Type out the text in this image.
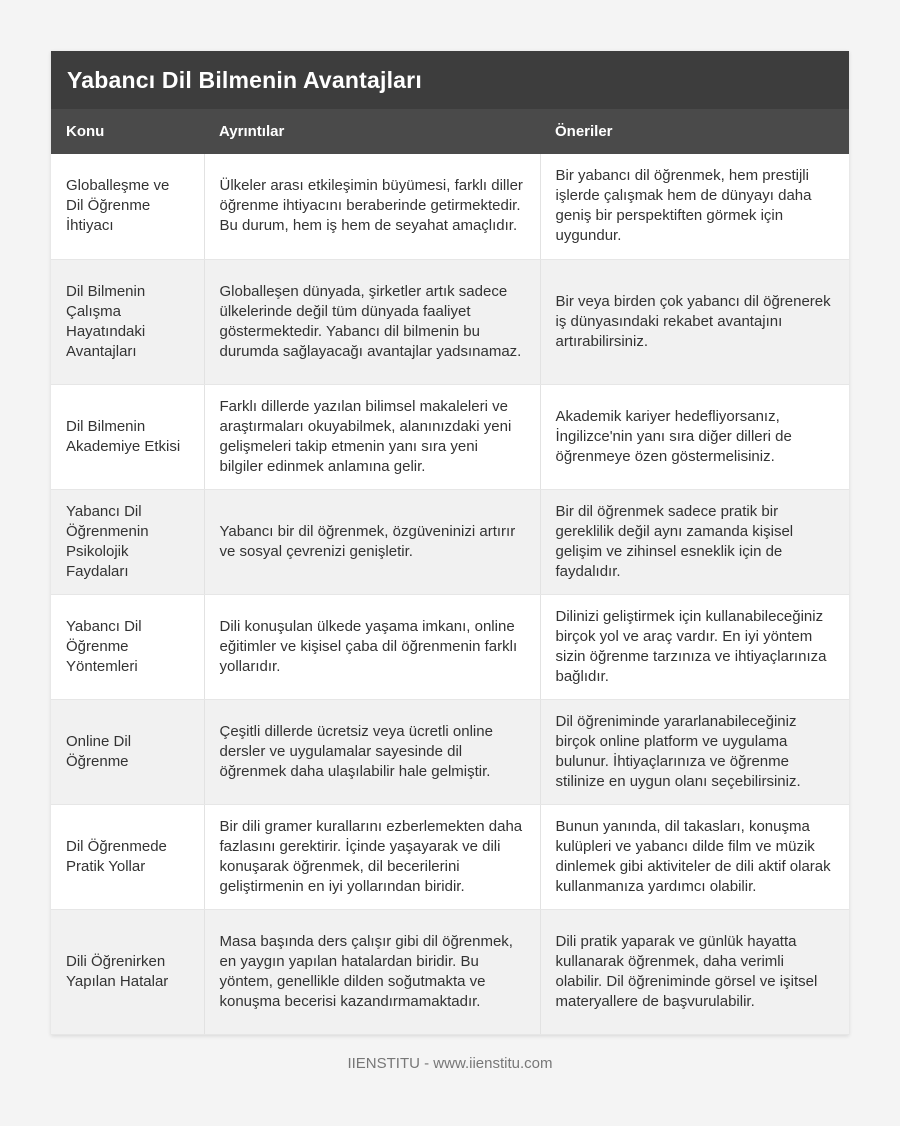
Yabancı Dil Bilmenin Avantajları
Konu	Ayrıntılar	Öneriler
Globalleşme ve Dil Öğrenme İhtiyacı	Ülkeler arası etkileşimin büyümesi, farklı diller öğrenme ihtiyacını beraberinde getirmektedir. Bu durum, hem iş hem de seyahat amaçlıdır.	Bir yabancı dil öğrenmek, hem prestijli işlerde çalışmak hem de dünyayı daha geniş bir perspektiften görmek için uygundur.
Dil Bilmenin Çalışma Hayatındaki Avantajları	Globalleşen dünyada, şirketler artık sadece ülkelerinde değil tüm dünyada faaliyet göstermektedir. Yabancı dil bilmenin bu durumda sağlayacağı avantajlar yadsınamaz.	Bir veya birden çok yabancı dil öğrenerek iş dünyasındaki rekabet avantajını artırabilirsiniz.
Dil Bilmenin Akademiye Etkisi	Farklı dillerde yazılan bilimsel makaleleri ve araştırmaları okuyabilmek, alanınızdaki yeni gelişmeleri takip etmenin yanı sıra yeni bilgiler edinmek anlamına gelir.	Akademik kariyer hedefliyorsanız, İngilizce'nin yanı sıra diğer dilleri de öğrenmeye özen göstermelisiniz.
Yabancı Dil Öğrenmenin Psikolojik Faydaları	Yabancı bir dil öğrenmek, özgüveninizi artırır ve sosyal çevrenizi genişletir.	Bir dil öğrenmek sadece pratik bir gereklilik değil aynı zamanda kişisel gelişim ve zihinsel esneklik için de faydalıdır.
Yabancı Dil Öğrenme Yöntemleri	Dili konuşulan ülkede yaşama imkanı, online eğitimler ve kişisel çaba dil öğrenmenin farklı yollarıdır.	Dilinizi geliştirmek için kullanabileceğiniz birçok yol ve araç vardır. En iyi yöntem sizin öğrenme tarzınıza ve ihtiyaçlarınıza bağlıdır.
Online Dil Öğrenme	Çeşitli dillerde ücretsiz veya ücretli online dersler ve uygulamalar sayesinde dil öğrenmek daha ulaşılabilir hale gelmiştir.	Dil öğreniminde yararlanabileceğiniz birçok online platform ve uygulama bulunur. İhtiyaçlarınıza ve öğrenme stilinize en uygun olanı seçebilirsiniz.
Dil Öğrenmede Pratik Yollar	Bir dili gramer kurallarını ezberlemekten daha fazlasını gerektirir. İçinde yaşayarak ve dili konuşarak öğrenmek, dil becerilerini geliştirmenin en iyi yollarından biridir.	Bunun yanında, dil takasları, konuşma kulüpleri ve yabancı dilde film ve müzik dinlemek gibi aktiviteler de dili aktif olarak kullanmanıza yardımcı olabilir.
Dili Öğrenirken Yapılan Hatalar	Masa başında ders çalışır gibi dil öğrenmek, en yaygın yapılan hatalardan biridir. Bu yöntem, genellikle dilden soğutmakta ve konuşma becerisi kazandırmamaktadır.	Dili pratik yaparak ve günlük hayatta kullanarak öğrenmek, daha verimli olabilir. Dil öğreniminde görsel ve işitsel materyallere de başvurulabilir.
IIENSTITU - www.iienstitu.com
